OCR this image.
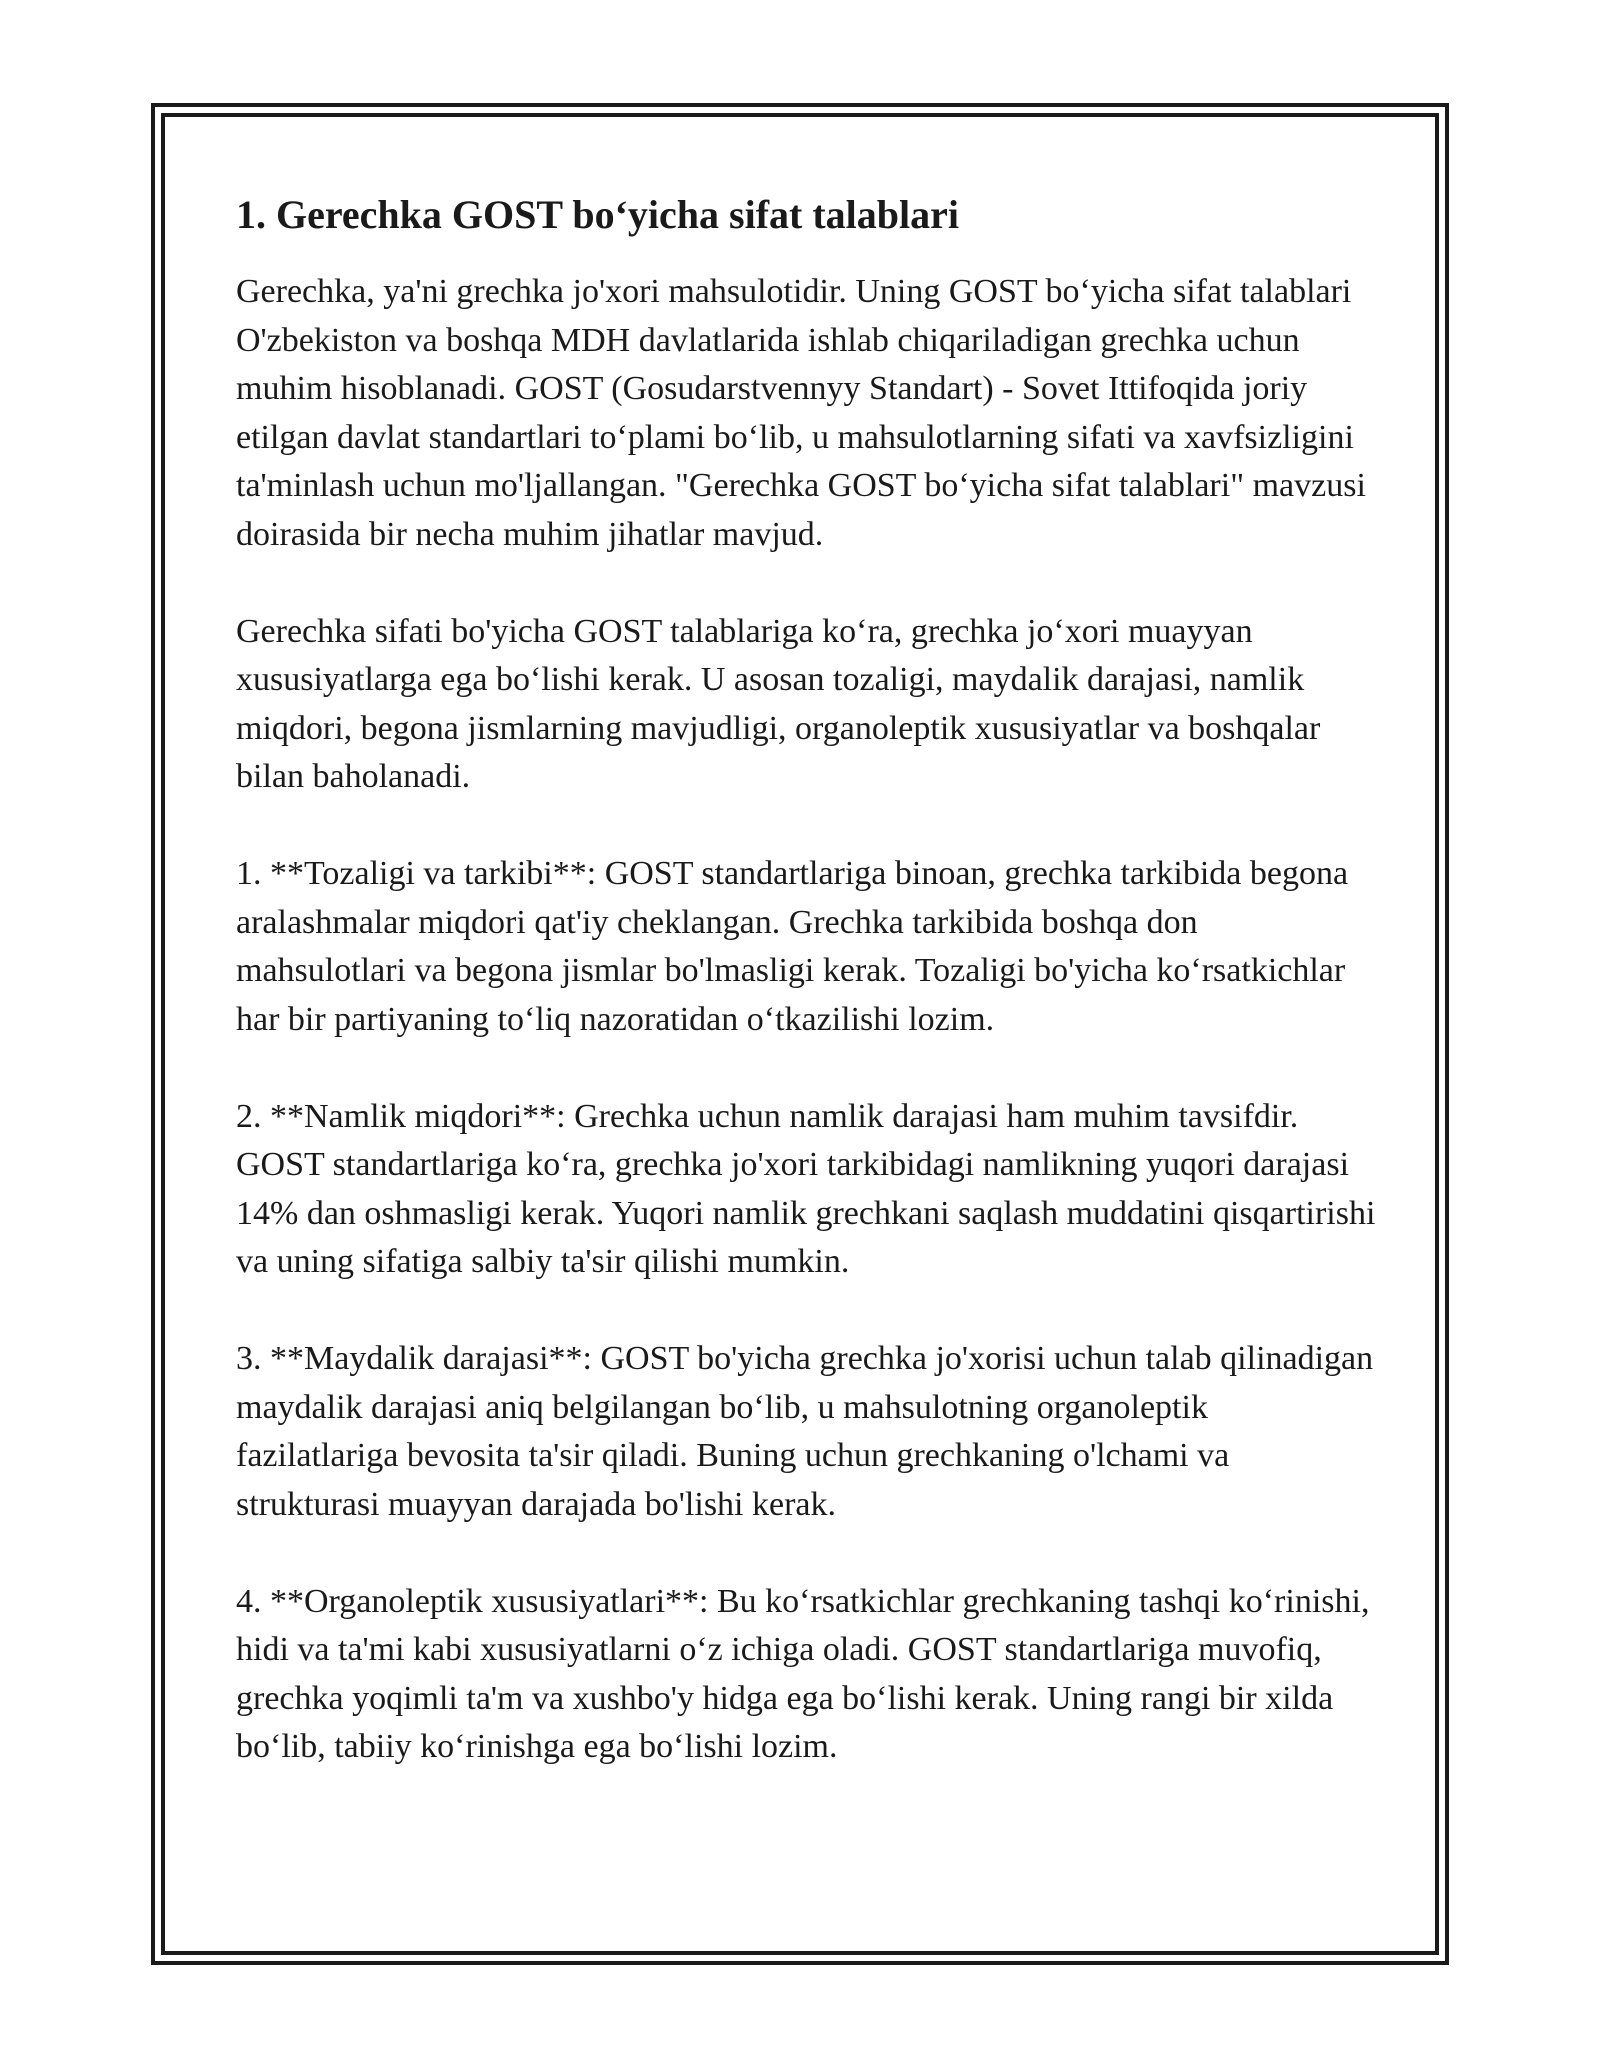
1. Gerechka GOST bo‘yicha sifat talablari

Gerechka, ya'ni grechka jo'xori mahsulotidir. Uning GOST bo‘yicha sifat talablari O'zbekiston va boshqa MDH davlatlarida ishlab chiqariladigan grechka uchun muhim hisoblanadi. GOST (Gosudarstvennyy Standart) - Sovet Ittifoqida joriy etilgan davlat standartlari to‘plami bo‘lib, u mahsulotlarning sifati va xavfsizligini ta'minlash uchun mo'ljallangan. "Gerechka GOST bo‘yicha sifat talablari" mavzusi doirasida bir necha muhim jihatlar mavjud.

Gerechka sifati bo'yicha GOST talablariga ko‘ra, grechka jo‘xori muayyan xususiyatlarga ega bo‘lishi kerak. U asosan tozaligi, maydalik darajasi, namlik miqdori, begona jismlarning mavjudligi, organoleptik xususiyatlar va boshqalar bilan baholanadi.

1. **Tozaligi va tarkibi**: GOST standartlariga binoan, grechka tarkibida begona aralashmalar miqdori qat'iy cheklangan. Grechka tarkibida boshqa don mahsulotlari va begona jismlar bo'lmasligi kerak. Tozaligi bo'yicha ko‘rsatkichlar har bir partiyaning to‘liq nazoratidan o‘tkazilishi lozim.

2. **Namlik miqdori**: Grechka uchun namlik darajasi ham muhim tavsifdir. GOST standartlariga ko‘ra, grechka jo'xori tarkibidagi namlikning yuqori darajasi 14% dan oshmasligi kerak. Yuqori namlik grechkani saqlash muddatini qisqartirishi va uning sifatiga salbiy ta'sir qilishi mumkin.

3. **Maydalik darajasi**: GOST bo'yicha grechka jo'xorisi uchun talab qilinadigan maydalik darajasi aniq belgilangan bo‘lib, u mahsulotning organoleptik fazilatlariga bevosita ta'sir qiladi. Buning uchun grechkaning o'lchami va strukturasi muayyan darajada bo'lishi kerak.

4. **Organoleptik xususiyatlari**: Bu ko‘rsatkichlar grechkaning tashqi ko‘rinishi, hidi va ta'mi kabi xususiyatlarni o‘z ichiga oladi. GOST standartlariga muvofiq, grechka yoqimli ta'm va xushbo'y hidga ega bo‘lishi kerak. Uning rangi bir xilda bo‘lib, tabiiy ko‘rinishga ega bo‘lishi lozim.
